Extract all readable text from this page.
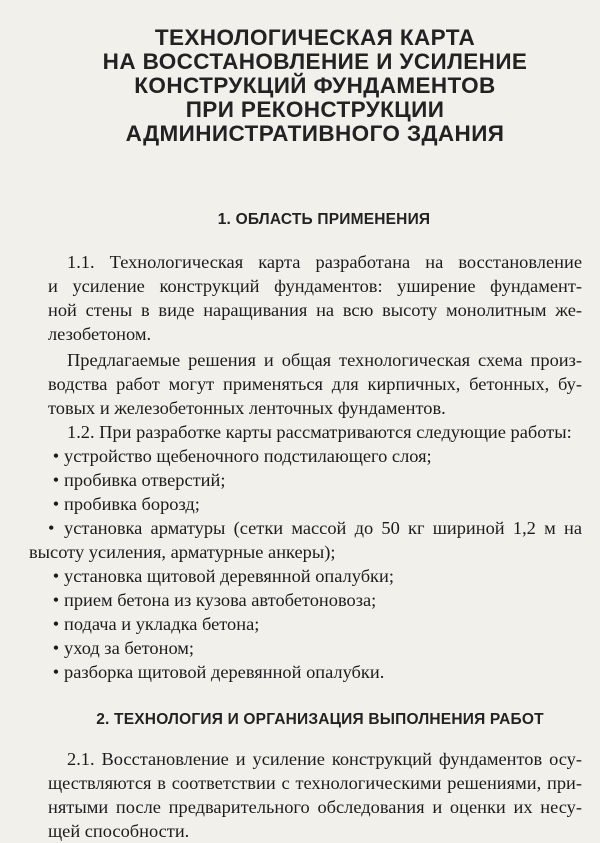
ТЕХНОЛОГИЧЕСКАЯ КАРТА
НА ВОССТАНОВЛЕНИЕ И УСИЛЕНИЕ
КОНСТРУКЦИЙ ФУНДАМЕНТОВ
ПРИ РЕКОНСТРУКЦИИ
АДМИНИСТРАТИВНОГО ЗДАНИЯ
1. ОБЛАСТЬ ПРИМЕНЕНИЯ

1.1. Технологическая карта разработана на восстановление
и усиление конструкций фундаментов: уширение фундамент-
ной стены в виде наращивания на всю высоту монолитным же-
лезобетоном.

Предлагаемые решения и общая технологическая схема произ-
водства работ могут применяться для кирпичных, бетонных, бу-
товых и железобетонных ленточных фундаментов.

1.2. При разработке карты рассматриваются следующие работы:

• устройство щебеночного подстилающего слоя;
• пробивка отверстий;
• пробивка борозд;
• установка арматуры (сетки массой до 50 кг шириной 1,2 м на
высоту усиления, арматурные анкеры);
• установка щитовой деревянной опалубки;
• прием бетона из кузова автобетоновоза;
• подача и укладка бетона;
• уход за бетоном;
• разборка щитовой деревянной опалубки.
2. ТЕХНОЛОГИЯ И ОРГАНИЗАЦИЯ ВЫПОЛНЕНИЯ РАБОТ

2.1. Восстановление и усиление конструкций фундаментов осу-
ществляются в соответствии с технологическими решениями, при-
нятыми после предварительного обследования и оценки их несу-
щей способности.
